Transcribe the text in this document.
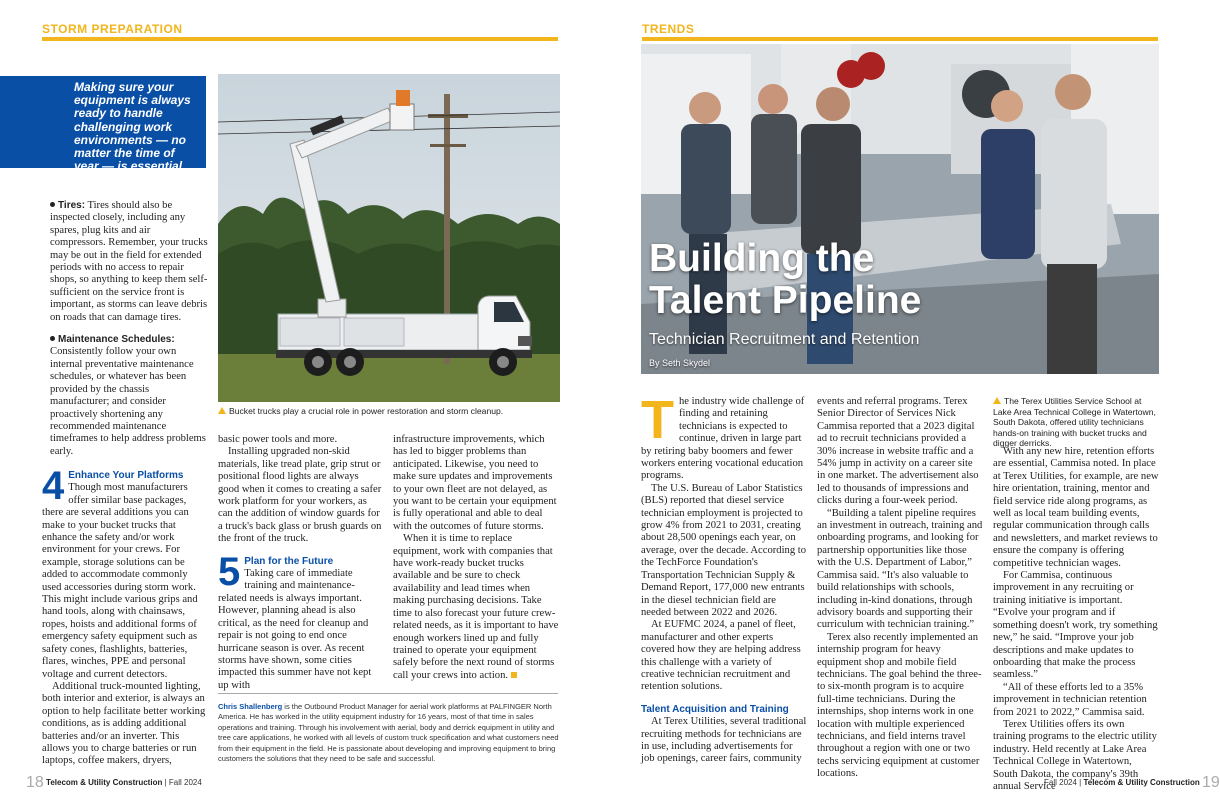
STORM PREPARATION
Making sure your equipment is always ready to handle challenging work environments — no matter the time of year — is essential.

Tires: Tires should also be inspected closely, including any spares, plug kits and air compressors. Remember, your trucks may be out in the field for extended periods with no access to repair shops, so anything to keep them self-sufficient on the service front is important, as storms can leave debris on roads that can damage tires.

Maintenance Schedules: Consistently follow your own internal preventative maintenance schedules, or whatever has been provided by the chassis manufacturer; and consider proactively shortening any recommended maintenance timeframes to help address problems early.

Bucket trucks play a crucial role in power restoration and storm cleanup.
4 Enhance Your Platforms

Though most manufacturers offer similar base packages, there are several additions you can make to your bucket trucks that enhance the safety and/or work environment for your crews. For example, storage solutions can be added to accommodate commonly used accessories during storm work. This might include various grips and hand tools, along with chainsaws, ropes, hoists and additional forms of emergency safety equipment such as safety cones, flashlights, batteries, flares, winches, PPE and personal voltage and current detectors.

Additional truck-mounted lighting, both interior and exterior, is always an option to help facilitate better working conditions, as is adding additional batteries and/or an inverter. This allows you to charge batteries or run laptops, coffee makers, dryers,

basic power tools and more.

Installing upgraded non-skid materials, like tread plate, grip strut or positional flood lights are always good when it comes to creating a safer work platform for your workers, as can the addition of window guards for a truck's back glass or brush guards on the front of the truck.

5 Plan for the Future

Taking care of immediate training and maintenance-related needs is always important. However, planning ahead is also critical, as the need for cleanup and repair is not going to end once hurricane season is over. As recent storms have shown, some cities impacted this summer have not kept up with

infrastructure improvements, which has led to bigger problems than anticipated. Likewise, you need to make sure updates and improvements to your own fleet are not delayed, as you want to be certain your equipment is fully operational and able to deal with the outcomes of future storms.

When it is time to replace equipment, work with companies that have work-ready bucket trucks available and be sure to check availability and lead times when making purchasing decisions. Take time to also forecast your future crew-related needs, as it is important to have enough workers lined up and fully trained to operate your equipment safely before the next round of storms call your crews into action.

Chris Shallenberg is the Outbound Product Manager for aerial work platforms at PALFINGER North America. He has worked in the utility equipment industry for 16 years, most of that time in sales operations and training. Through his involvement with aerial, body and derrick equipment in utility and tree care applications, he worked with all levels of custom truck specification and what customers need from their equipment in the field. He is passionate about developing and improving equipment to bring customers the solutions that they need to be safe and successful.
18 Telecom & Utility Construction | Fall 2024
TRENDS
Building the
Talent Pipeline
Technician Recruitment and Retention
By Seth Skydel
T he industry wide challenge of finding and retaining technicians is expected to continue, driven in large part by retiring baby boomers and fewer workers entering vocational education programs.

The U.S. Bureau of Labor Statistics (BLS) reported that diesel service technician employment is projected to grow 4% from 2021 to 2031, creating about 28,500 openings each year, on average, over the decade. According to the TechForce Foundation's Transportation Technician Supply & Demand Report, 177,000 new entrants in the diesel technician field are needed between 2022 and 2026.

At EUFMC 2024, a panel of fleet, manufacturer and other experts covered how they are helping address this challenge with a variety of creative technician recruitment and retention solutions.

Talent Acquisition and Training

At Terex Utilities, several traditional recruiting methods for technicians are in use, including advertisements for job openings, career fairs, community

events and referral programs. Terex Senior Director of Services Nick Cammisa reported that a 2023 digital ad to recruit technicians provided a 30% increase in website traffic and a 54% jump in activity on a career site in one market. The advertisement also led to thousands of impressions and clicks during a four-week period.

“Building a talent pipeline requires an investment in outreach, training and onboarding programs, and looking for partnership opportunities like those with the U.S. Department of Labor,” Cammisa said. “It's also valuable to build relationships with schools, including in-kind donations, through advisory boards and supporting their curriculum with technician training.”

Terex also recently implemented an internship program for heavy equipment shop and mobile field technicians. The goal behind the three- to six-month program is to acquire full-time technicians. During the internships, shop interns work in one location with multiple experienced technicians, and field interns travel throughout a region with one or two techs servicing equipment at customer locations.

The Terex Utilities Service School at Lake Area Technical College in Watertown, South Dakota, offered utility technicians hands-on training with bucket trucks and digger derricks.

With any new hire, retention efforts are essential, Cammisa noted. In place at Terex Utilities, for example, are new hire orientation, training, mentor and field service ride along programs, as well as local team building events, regular communication through calls and newsletters, and market reviews to ensure the company is offering competitive technician wages.

For Cammisa, continuous improvement in any recruiting or training initiative is important. “Evolve your program and if something doesn't work, try something new,” he said. “Improve your job descriptions and make updates to onboarding that make the process seamless.”

“All of these efforts led to a 35% improvement in technician retention from 2021 to 2022,” Cammisa said.

Terex Utilities offers its own training programs to the electric utility industry. Held recently at Lake Area Technical College in Watertown, South Dakota, the company's 39th annual Service

Fall 2024 | Telecom & Utility Construction 19
